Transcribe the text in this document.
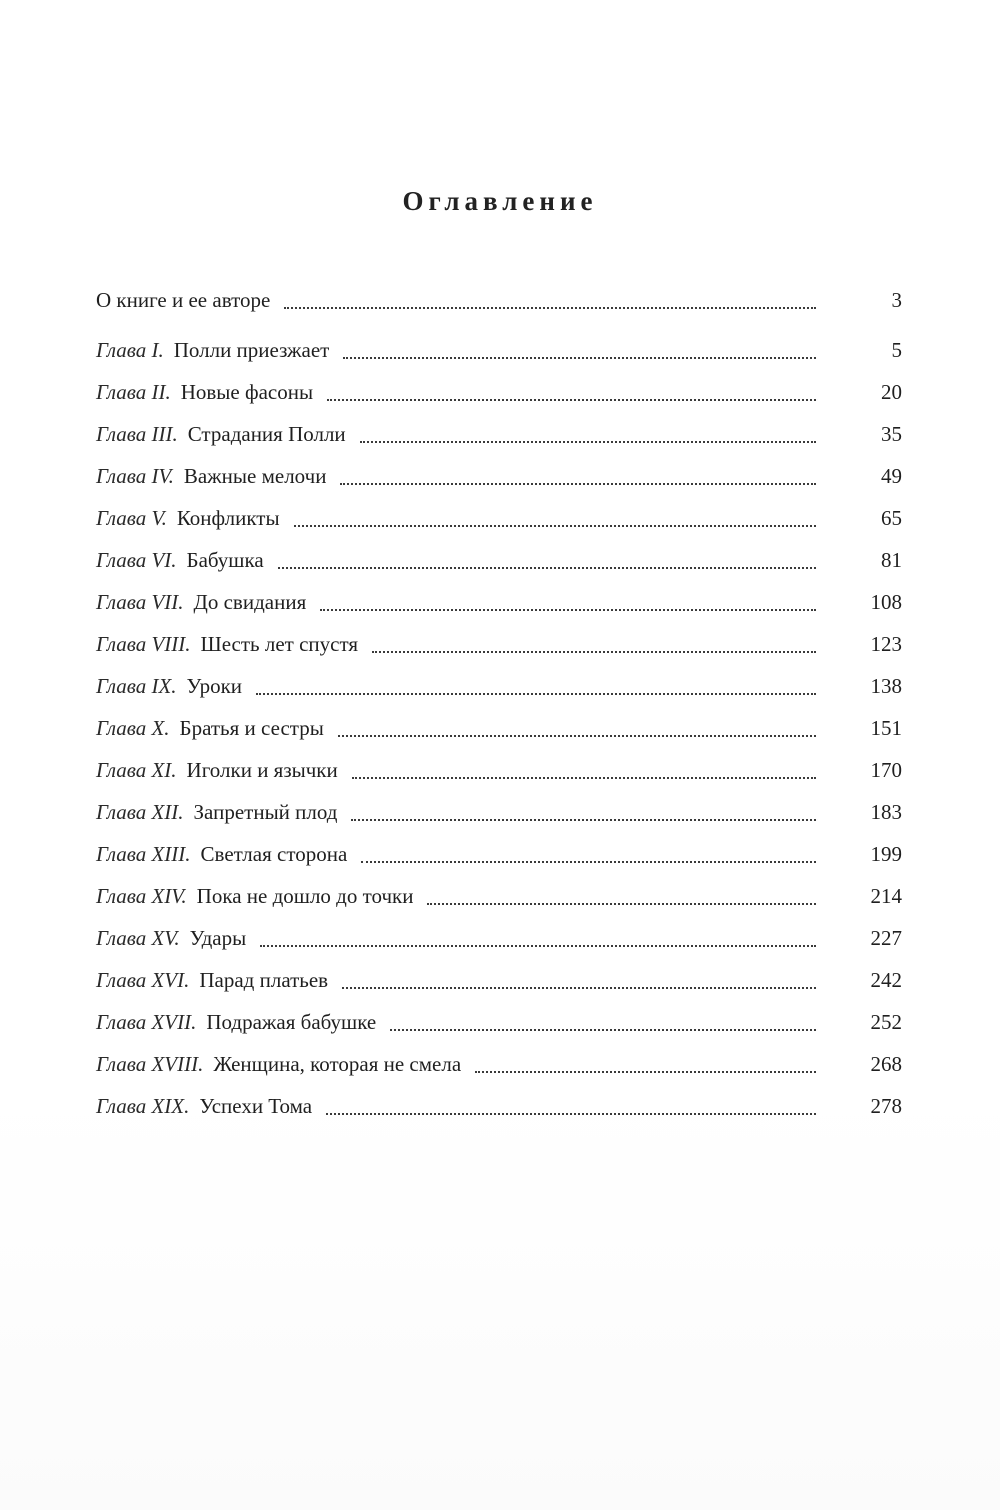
Оглавление
О книге и ее авторе	3
Глава I. Полли приезжает	5
Глава II. Новые фасоны	20
Глава III. Страдания Полли	35
Глава IV. Важные мелочи	49
Глава V. Конфликты	65
Глава VI. Бабушка	81
Глава VII. До свидания	108
Глава VIII. Шесть лет спустя	123
Глава IX. Уроки	138
Глава X. Братья и сестры	151
Глава XI. Иголки и язычки	170
Глава XII. Запретный плод	183
Глава XIII. Светлая сторона	199
Глава XIV. Пока не дошло до точки	214
Глава XV. Удары	227
Глава XVI. Парад платьев	242
Глава XVII. Подражая бабушке	252
Глава XVIII. Женщина, которая не смела	268
Глава XIX. Успехи Тома	278
